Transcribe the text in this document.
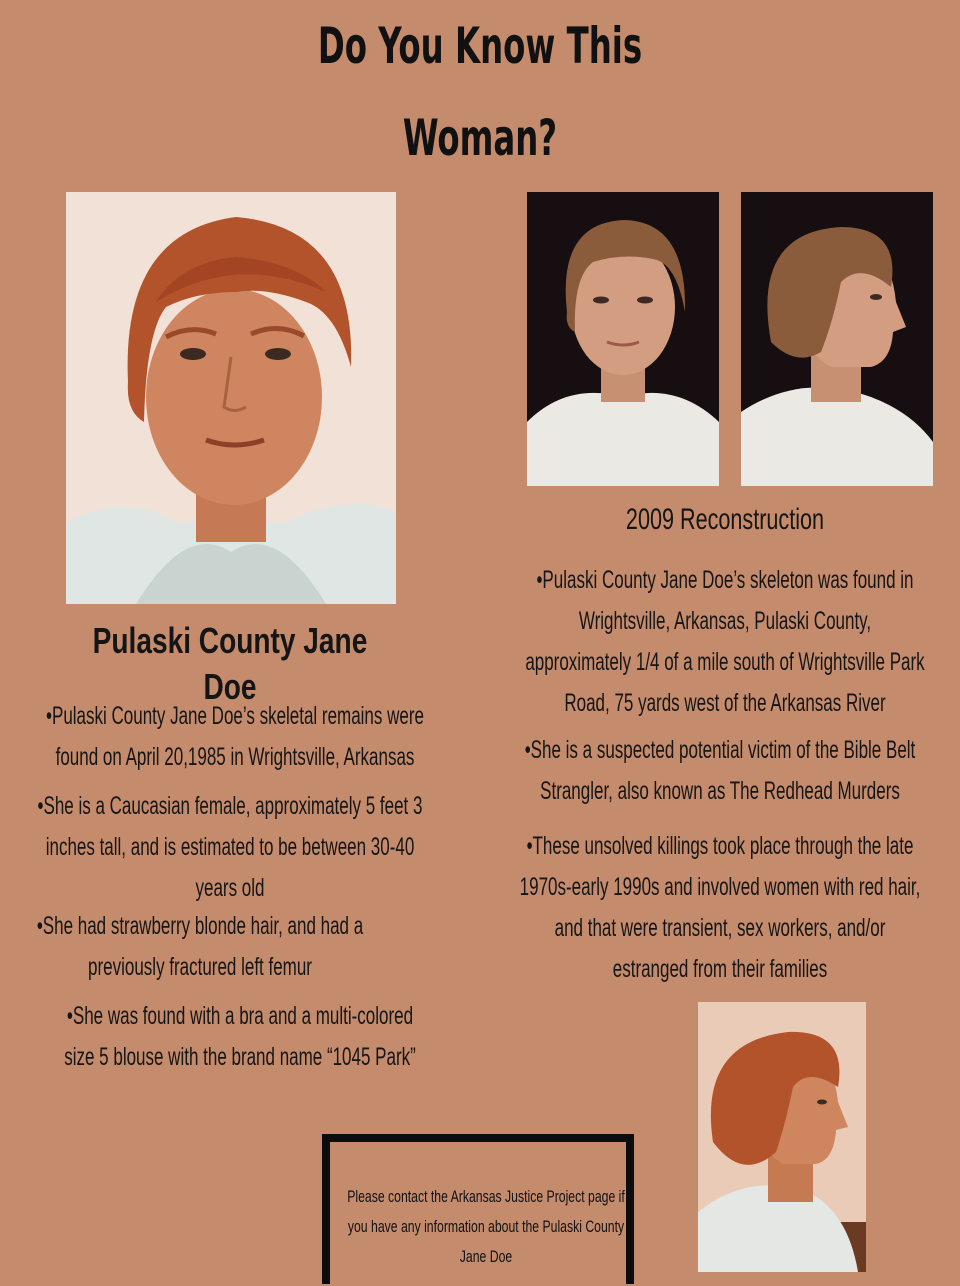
Do You Know This
Woman?

2009 Reconstruction

Pulaski County Jane Doe

•Pulaski County Jane Doe’s skeletal remains were found on April 20,1985 in Wrightsville, Arkansas

•She is a Caucasian female, approximately 5 feet 3 inches tall, and is estimated to be between 30-40 years old

•She had strawberry blonde hair, and had a previously fractured left femur

•She was found with a bra and a multi-colored size 5 blouse with the brand name “1045 Park”

•Pulaski County Jane Doe’s skeleton was found in Wrightsville, Arkansas, Pulaski County, approximately 1/4 of a mile south of Wrightsville Park Road, 75 yards west of the Arkansas River

•She is a suspected potential victim of the Bible Belt Strangler, also known as The Redhead Murders

•These unsolved killings took place through the late 1970s-early 1990s and involved women with red hair, and that were transient, sex workers, and/or estranged from their families

Please contact the Arkansas Justice Project page if you have any information about the Pulaski County Jane Doe
